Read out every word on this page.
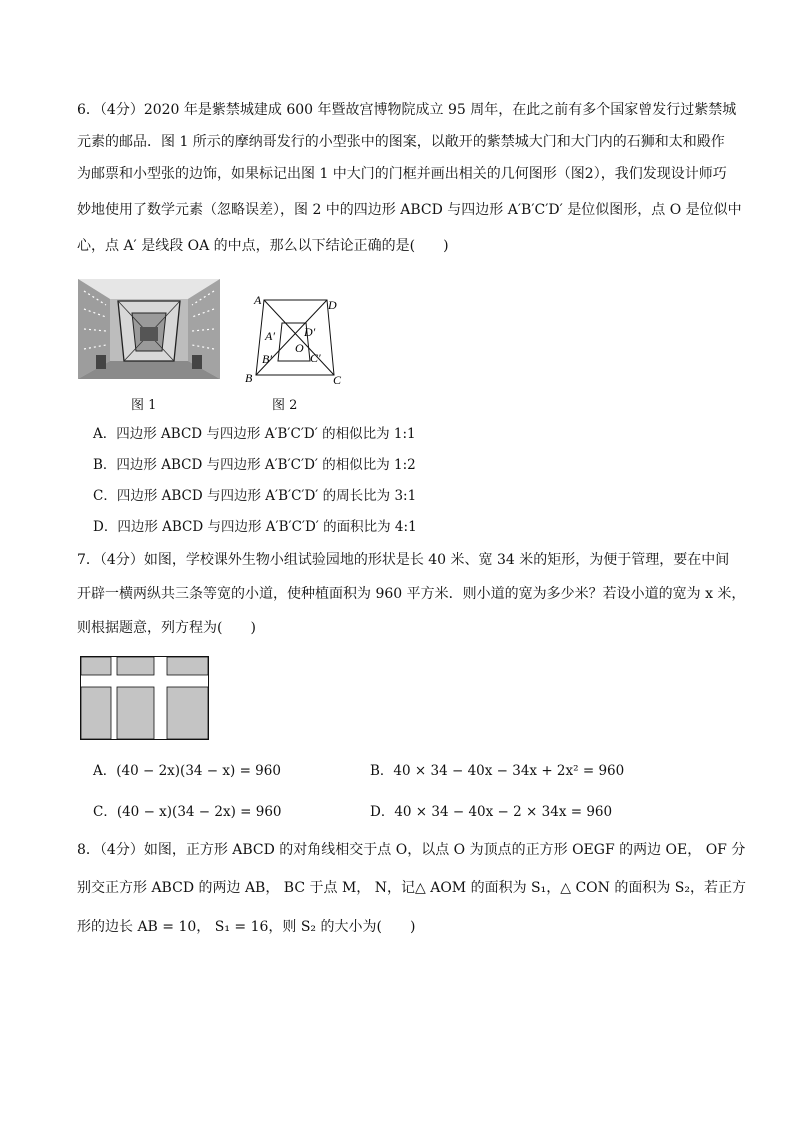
6．（4分）2020 年是紫禁城建成 600 年暨故宫博物院成立 95 周年，在此之前有多个国家曾发行过紫禁城
元素的邮品．图 1 所示的摩纳哥发行的小型张中的图案，以敞开的紫禁城大门和大门内的石狮和太和殿作
为邮票和小型张的边饰，如果标记出图 1 中大门的门框并画出相关的几何图形（图2），我们发现设计师巧
妙地使用了数学元素（忽略误差），图 2 中的四边形 ABCD 与四边形 A′B′C′D′ 是位似图形，点 O 是位似中
心，点 A′ 是线段 OA 的中点，那么以下结论正确的是(　　)
图 1
A	D
B	C
A′ D′
B′	C′
O
图 2
A．四边形 ABCD 与四边形 A′B′C′D′ 的相似比为 1:1
B．四边形 ABCD 与四边形 A′B′C′D′ 的相似比为 1:2
C．四边形 ABCD 与四边形 A′B′C′D′ 的周长比为 3:1
D．四边形 ABCD 与四边形 A′B′C′D′ 的面积比为 4:1
7．（4分）如图，学校课外生物小组试验园地的形状是长 40 米、宽 34 米的矩形，为便于管理，要在中间
开辟一横两纵共三条等宽的小道，使种植面积为 960 平方米．则小道的宽为多少米？若设小道的宽为 x 米，
则根据题意，列方程为(　　)
A．(40 − 2x)(34 − x) = 960	B．40 × 34 − 40x − 34x + 2x² = 960
C．(40 − x)(34 − 2x) = 960	D．40 × 34 − 40x − 2 × 34x = 960
8．（4分）如图，正方形 ABCD 的对角线相交于点 O，以点 O 为顶点的正方形 OEGF 的两边 OE， OF 分
别交正方形 ABCD 的两边 AB， BC 于点 M， N，记△ AOM 的面积为 S₁，△ CON 的面积为 S₂，若正方
形的边长 AB = 10， S₁ = 16，则 S₂ 的大小为(　　)
